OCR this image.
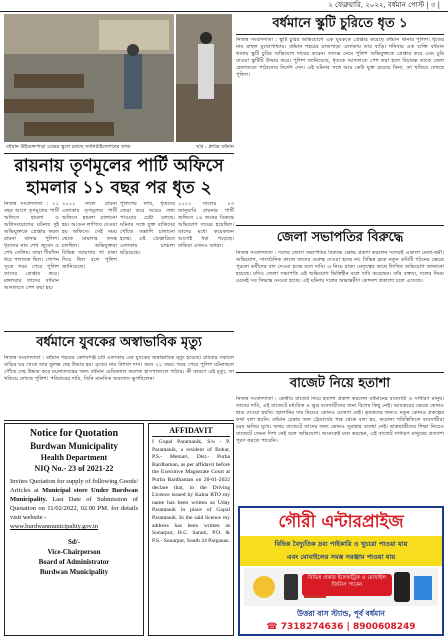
২ ফেব্রুয়ারি, ২০২২, বর্ধমান পোস্ট | ৩ |
বর্ধমান উইমেন্সপাড়া এভের স্কুলে চলছে স্যানিটাইজেশনের কাজ	ছবি : ধ্রুবির বর্ধমান
বর্ধমানে স্কুটি চুরিতে ধৃত ১
নিজস্ব সংবাদদাতা : স্কুটি চুরির অভিযোগে এক যুবককে গ্রেপ্তার করেছে বর্ধমান থানার পুলিশ। ধৃতের নাম রাহুল মুখোপাধ্যায়। বর্ধমান শহরের রাজপাড়া এলাকায় তার বাড়ি। শনিবার এক ব্যক্তি বর্ধমান থানায় স্কুটি চুরির অভিযোগ দায়ের করেন। তদন্তে নেমে পুলিশ অভিযুক্তকে গ্রেপ্তার করে এবং চুরি যাওয়া স্কুটিটি উদ্ধার করে। পুলিশ জানিয়েছে, ধৃতকে আদালতে পেশ করা হলে বিচারক তাকে জেল হেফাজতে পাঠানোর নির্দেশ দেন। এই ঘটনার সঙ্গে আর কেউ যুক্ত রয়েছে কিনা, তা খতিয়ে দেখছে পুলিশ।
রায়নায় তৃণমূলের পার্টি অফিসে
হামলার ১১ বছর পর ধৃত ২
নিজস্ব সংবাদদাতা : ১১ বছর আগে তৃণমূলের পার্টি অফিসে হামলা ও অগ্নিসংযোগের ঘটনায় দুই অভিযুক্তকে গ্রেপ্তার করল রায়না থানার পুলিশ। ধৃতদের নাম শেখ জুবেদ ও শেখ সেলিম। তারা দীর্ঘদিন ধরে পলাতক ছিল। গোপন সূত্রে খবর পেয়ে পুলিশ তাদের গ্রেপ্তার করে। মঙ্গলবার তাদের বর্ধমান আদালতে পেশ করা হয়।
২০১১ সালে রায়না এলাকায় তৃণমূলের পার্টি অফিসে হামলা চালানো হয়। আগুন লাগিয়ে দেওয়া হয় অফিসে। সেই সময় থেকে মামলার তদন্ত চলছিল। অভিযুক্তরা বিভিন্ন জায়গায় গা ঢাকা দিয়ে ছিল বলে পুলিশ জানিয়েছে।
পুলিশের দাবি, ধৃতদের জেরা করে আরও তথ্য পাওয়ার চেষ্টা চলছে। ঘটনার সঙ্গে যুক্ত বাকিদের খোঁজে তল্লাশি চালানো হচ্ছে। এই গ্রেপ্তারিতে এলাকায় চাঞ্চল্য ছড়িয়েছে।
২০১২ সালের ২৩ জানুয়ারি রায়নার পার্টি অফিসে ১৪ জনের বিরুদ্ধে অভিযোগ দায়ের হয়েছিল। তাদের মধ্যে কয়েকজন আগেই ধরা পড়েছে। বাকিরা এখনও অধরা।
জেলা সভাপতির বিরুদ্ধে
নিজস্ব সংবাদদাতা : দলের জেলা সভাপতির বিরুদ্ধে ক্ষোভ প্রকাশ করলেন দলেরই একাংশ নেতা-কর্মী। অভিযোগ, সাংগঠনিক কাজে তাদের গুরুত্ব দেওয়া হচ্ছে না। বিভিন্ন ব্লকে নতুন কমিটি গঠনের ক্ষেত্রে পুরনো কর্মীদের বাদ দেওয়া হচ্ছে বলে দাবি। এ নিয়ে রাজ্য নেতৃত্বের কাছে লিখিত অভিযোগ জানানো হয়েছে। যদিও জেলা সভাপতি এই অভিযোগ ভিত্তিহীন বলে দাবি করেছেন। তাঁর বক্তব্য, দলের নিয়ম মেনেই সব সিদ্ধান্ত নেওয়া হচ্ছে। এই ঘটনায় দলের অভ্যন্তরীণ কোন্দল প্রকাশ্যে চলে এসেছে।
বাজেট নিয়ে হতাশা
নিজস্ব সংবাদদাতা : কেন্দ্রীয় বাজেট নিয়ে হতাশা প্রকাশ করলেন বর্ধমানের ব্যবসায়ী ও সাধারণ মানুষ। তাদের দাবি, এই বাজেটে মধ্যবিত্ত ও ক্ষুদ্র ব্যবসায়ীদের জন্য বিশেষ কিছু নেই। আয়করের ক্ষেত্রে কোনও ছাড় দেওয়া হয়নি। জ্বালানির দাম নিয়েও কোনও ঘোষণা নেই। কৃষকদের জন্যও নতুন কোনও প্রকল্পের কথা বলা হয়নি। বর্ধমান চেম্বার অফ ট্রেডার্সের পক্ষ থেকে বলা হয়, করোনা পরিস্থিতিতে ব্যবসায়ীরা চরম ক্ষতির মুখে। অথচ বাজেটে তাদের জন্য কোনও সুরাহার ব্যবস্থা নেই। ছাত্রছাত্রীদের শিক্ষা নিয়েও বাজেটে তেমন দিশা নেই বলে অভিযোগ। অনেকেই মনে করছেন, এই বাজেট সাধারণ মানুষের প্রত্যাশা পূরণ করতে পারেনি।
বর্ধমানে যুবকের অস্বাভাবিক মৃত্যু
নিজস্ব সংবাদদাতা : বর্ধমান শহরের কেশবগঞ্জ চটি এলাকায় এক যুবকের অস্বাভাবিক মৃত্যু হয়েছে। রবিবার সকালে বাড়ির ঘর থেকে তার ঝুলন্ত দেহ উদ্ধার হয়। মৃতের নাম বিশাল দাস। বয়স ২২ বছর। খবর পেয়ে পুলিশ ঘটনাস্থলে পৌঁছে দেহ উদ্ধার করে ময়নাতদন্তের জন্য বর্ধমান মেডিক্যাল কলেজ হাসপাতালে পাঠায়। কী কারণে এই মৃত্যু, তা খতিয়ে দেখছে পুলিশ। পরিবারের দাবি, তিনি মানসিক অবসাদে ভুগছিলেন।
Notice for Quotation
Burdwan Municipality
Health Department
NIQ No.- 23 of 2021-22
Invites Quotation for supply of following Goods/ Articles at Municipal store Under Burdwan Municipality. Last Date of Submission of Quotation on 11/02/2022, 02.00 PM. for details visit website -
www.burdwanmunicipality.gov.in
Sd/-
Vice-Chairperson
Board of Administrator
Burdwan Municipality
AFFIDAVIT
I Gopal Paramanik, S/o - P. Paramanik, a resident of Bohar, P.S.- Memari, Dist.- Purba Bardhaman, as per affidavit before the Executive Magistrate Court at Purba Bardhaman on 20-01-2022 declare that, in the Driving Licence issued by Kalna RTO my name has been written as Uday Paramanik in place of Gopal Paramanik. In the said licence my address has been written as Sonarpur, H.C. Sarani, P.O. & P.S.- Sonarpur, South 24 Parganas.
গৌরী এন্টারপ্রাইজ
বিভিন্ন বৈদ্যুতিক দ্রব্য পাইকারি ও খুচরো পাওয়া যায়
এবং মোবাইলের সমস্ত সরঞ্জাম পাওয়া যায়
বিভিন্ন প্রকার ইলেকট্রিক ও মোবাইল জিনিস পাবেন
উত্তরা বাস স্ট্যান্ড, পূর্ব বর্ধমান
☎ 7318274636 | 8900608249
